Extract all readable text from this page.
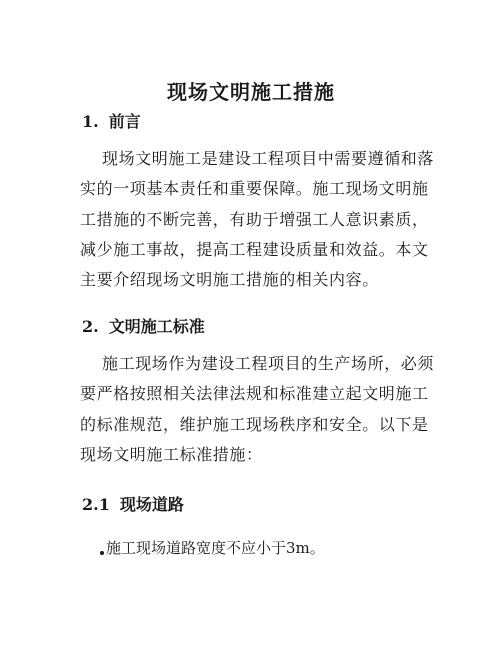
现场文明施工措施
1. 前言
现场文明施工是建设工程项目中需要遵循和落
实的一项基本责任和重要保障。施工现场文明施
工措施的不断完善，有助于增强工人意识素质，
减少施工事故，提高工程建设质量和效益。本文
主要介绍现场文明施工措施的相关内容。
2. 文明施工标准
施工现场作为建设工程项目的生产场所，必须
要严格按照相关法律法规和标准建立起文明施工
的标准规范，维护施工现场秩序和安全。以下是
现场文明施工标准措施：
2.1 现场道路
施工现场道路宽度不应小于3m。
